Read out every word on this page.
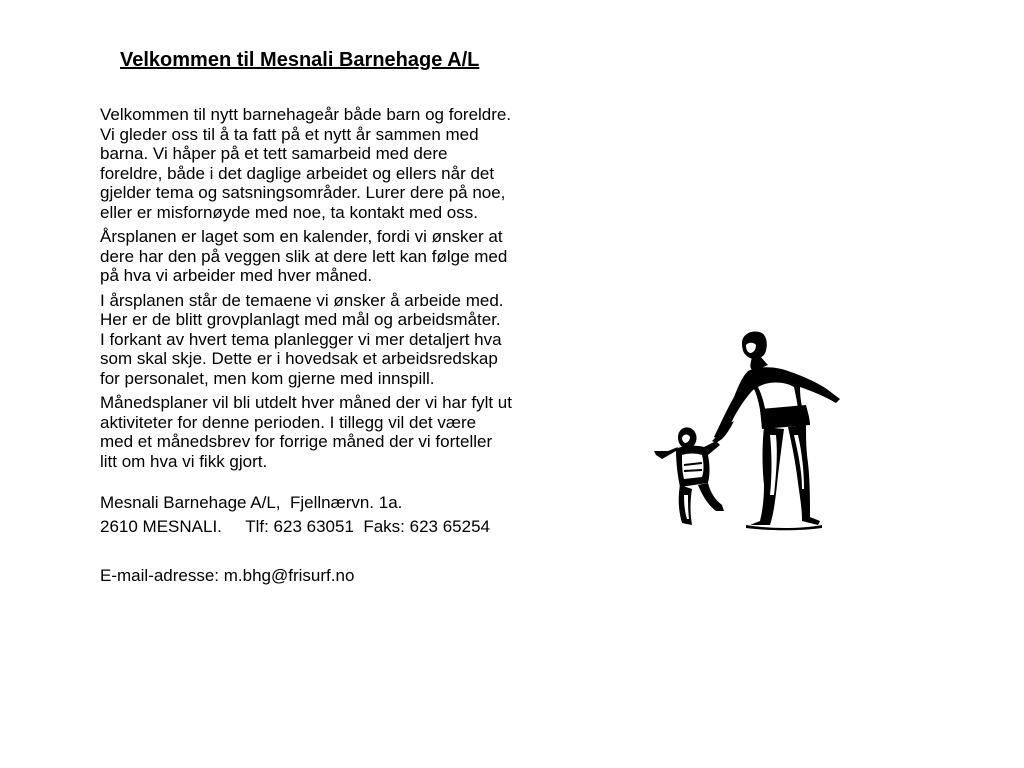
Velkommen til Mesnali Barnehage A/L

Velkommen til nytt barnehageår både barn og foreldre.
Vi gleder oss til å ta fatt på et nytt år sammen med
barna. Vi håper på et tett samarbeid med dere
foreldre, både i det daglige arbeidet og ellers når det
gjelder tema og satsningsområder. Lurer dere på noe,
eller er misfornøyde med noe, ta kontakt med oss.

Årsplanen er laget som en kalender, fordi vi ønsker at
dere har den på veggen slik at dere lett kan følge med
på hva vi arbeider med hver måned.

I årsplanen står de temaene vi ønsker å arbeide med.
Her er de blitt grovplanlagt med mål og arbeidsmåter.
I forkant av hvert tema planlegger vi mer detaljert hva
som skal skje. Dette er i hovedsak et arbeidsredskap
for personalet, men kom gjerne med innspill.

Månedsplaner vil bli utdelt hver måned der vi har fylt ut
aktiviteter for denne perioden. I tillegg vil det være
med et månedsbrev for forrige måned der vi forteller
litt om hva vi fikk gjort.

Mesnali Barnehage A/L,  Fjellnærvn. 1a.

2610 MESNALI.     Tlf: 623 63051  Faks: 623 65254

E-mail-adresse: m.bhg@frisurf.no
